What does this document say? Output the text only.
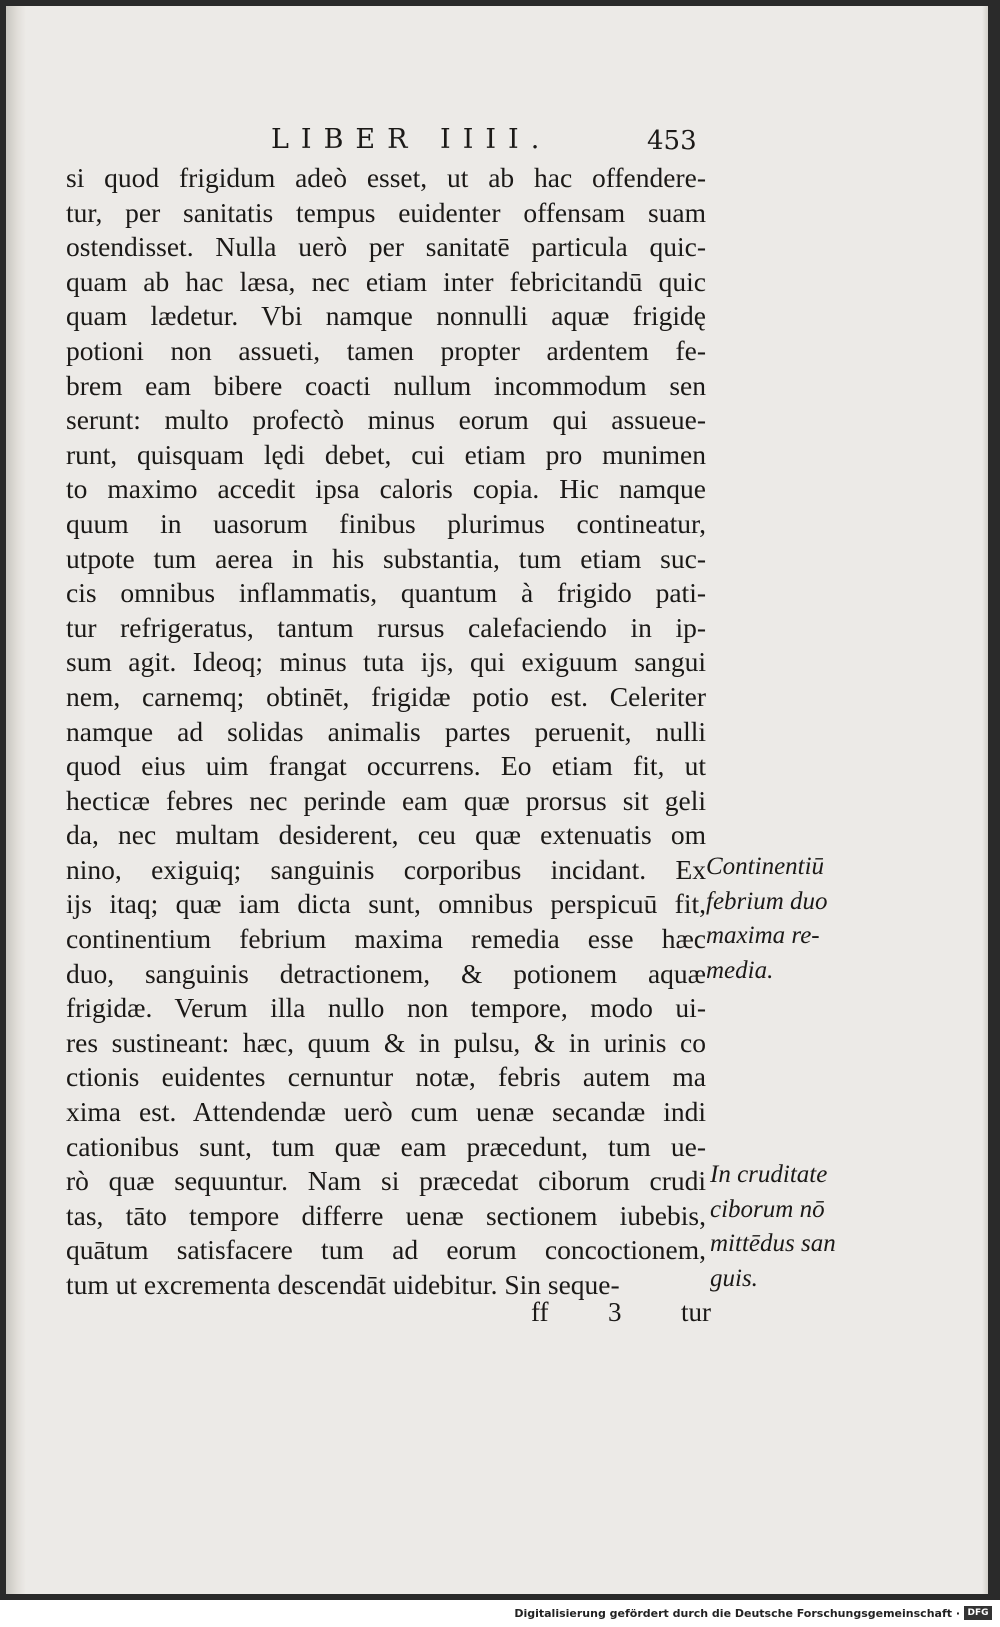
LIBER IIII.	453
si quod frigidum adeò esset, ut ab hac offendere-
tur, per sanitatis tempus euidenter offensam suam
ostendisset. Nulla uerò per sanitatē particula quic-
quam ab hac læsa, nec etiam inter febricitandū quic
quam lædetur. Vbi namque nonnulli aquæ frigidę
potioni non assueti, tamen propter ardentem fe-
brem eam bibere coacti nullum incommodum sen
serunt: multo profectò minus eorum qui assueue-
runt, quisquam lędi debet, cui etiam pro munimen
to maximo accedit ipsa caloris copia. Hic namque
quum in uasorum finibus plurimus contineatur,
utpote tum aerea in his substantia, tum etiam suc-
cis omnibus inflammatis, quantum à frigido pati-
tur refrigeratus, tantum rursus calefaciendo in ip-
sum agit. Ideoq; minus tuta ijs, qui exiguum sangui
nem, carnemq; obtinēt, frigidæ potio est. Celeriter
namque ad solidas animalis partes peruenit, nulli
quod eius uim frangat occurrens. Eo etiam fit, ut
hecticæ febres nec perinde eam quæ prorsus sit geli
da, nec multam desiderent, ceu quæ extenuatis om
nino, exiguiq; sanguinis corporibus incidant. Ex
ijs itaq; quæ iam dicta sunt, omnibus perspicuū fit,
continentium febrium maxima remedia esse hæc
duo, sanguinis detractionem, & potionem aquæ
frigidæ. Verum illa nullo non tempore, modo ui-
res sustineant: hæc, quum & in pulsu, & in urinis co
ctionis euidentes cernuntur notæ, febris autem ma
xima est. Attendendæ uerò cum uenæ secandæ indi
cationibus sunt, tum quæ eam præcedunt, tum ue-
rò quæ sequuntur. Nam si præcedat ciborum crudi
tas, tāto tempore differre uenæ sectionem iubebis,
quātum satisfacere tum ad eorum concoctionem,
tum ut excrementa descendāt uidebitur. Sin seque-
ff 3 tur
Continentiū
febrium duo
maxima re-
media.
In cruditate
ciborum nō
mittēdus san
guis.
Digitalisierung gefördert durch die Deutsche Forschungsgemeinschaft · DFG
